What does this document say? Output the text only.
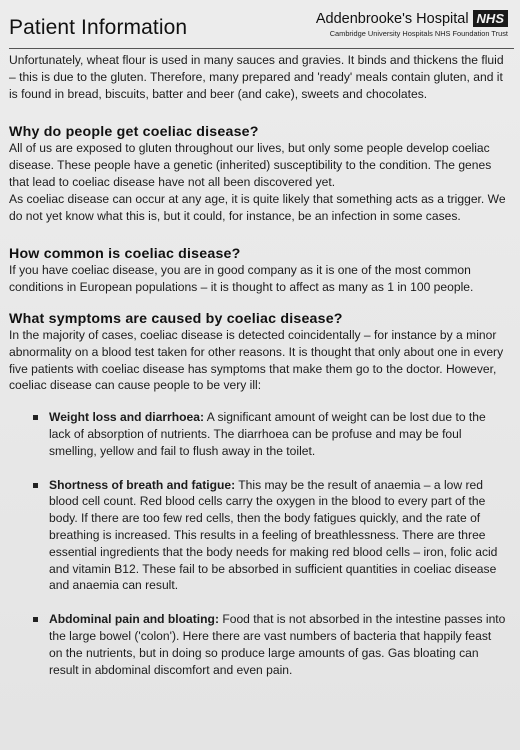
Patient Information	Addenbrooke's Hospital NHS
Cambridge University Hospitals NHS Foundation Trust

Unfortunately, wheat flour is used in many sauces and gravies. It binds and thickens the fluid – this is due to the gluten. Therefore, many prepared and 'ready' meals contain gluten, and it is found in bread, biscuits, batter and beer (and cake), sweets and chocolates.

Why do people get coeliac disease?

All of us are exposed to gluten throughout our lives, but only some people develop coeliac disease. These people have a genetic (inherited) susceptibility to the condition. The genes that lead to coeliac disease have not all been discovered yet.

As coeliac disease can occur at any age, it is quite likely that something acts as a trigger. We do not yet know what this is, but it could, for instance, be an infection in some cases.

How common is coeliac disease?

If you have coeliac disease, you are in good company as it is one of the most common conditions in European populations – it is thought to affect as many as 1 in 100 people.

What symptoms are caused by coeliac disease?

In the majority of cases, coeliac disease is detected coincidentally – for instance by a minor abnormality on a blood test taken for other reasons. It is thought that only about one in every five patients with coeliac disease has symptoms that make them go to the doctor. However, coeliac disease can cause people to be very ill:

Weight loss and diarrhoea: A significant amount of weight can be lost due to the lack of absorption of nutrients. The diarrhoea can be profuse and may be foul smelling, yellow and fail to flush away in the toilet.

Shortness of breath and fatigue: This may be the result of anaemia – a low red blood cell count. Red blood cells carry the oxygen in the blood to every part of the body. If there are too few red cells, then the body fatigues quickly, and the rate of breathing is increased. This results in a feeling of breathlessness. There are three essential ingredients that the body needs for making red blood cells – iron, folic acid and vitamin B12. These fail to be absorbed in sufficient quantities in coeliac disease and anaemia can result.

Abdominal pain and bloating: Food that is not absorbed in the intestine passes into the large bowel ('colon'). Here there are vast numbers of bacteria that happily feast on the nutrients, but in doing so produce large amounts of gas. Gas bloating can result in abdominal discomfort and even pain.
